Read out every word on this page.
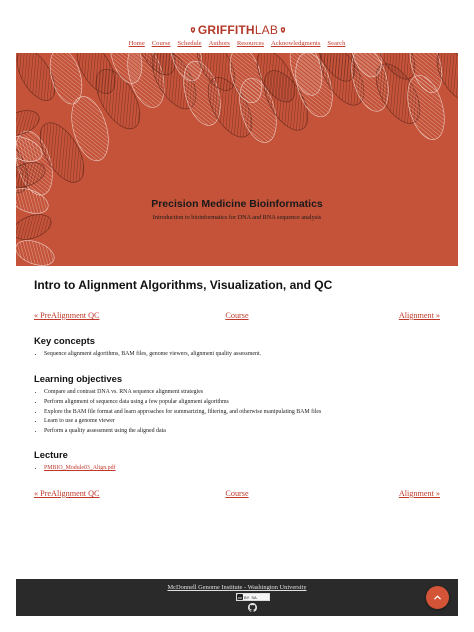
GRIFFITHLAB
Home Course Schedule Authors Resources Acknowledgments Search
Precision Medicine Bioinformatics
Introduction to bioinformatics for DNA and RNA sequence analysis
Intro to Alignment Algorithms, Visualization, and QC
« PreAlignment QC	Course	Alignment »
Key concepts
• Sequence alignment algorithms, BAM files, genome viewers, alignment quality assessment.
Learning objectives
• Compare and contrast DNA vs. RNA sequence alignment strategies
• Perform alignment of sequence data using a few popular alignment algorithms
• Explore the BAM file format and learn approaches for summarizing, filtering, and otherwise manipulating BAM files
• Learn to use a genome viewer
• Perform a quality assessment using the aligned data
Lecture
• PMBIO_Module03_Align.pdf
« PreAlignment QC	Course	Alignment »
McDonnell Genome Institute - Washington University
cc BY SA
